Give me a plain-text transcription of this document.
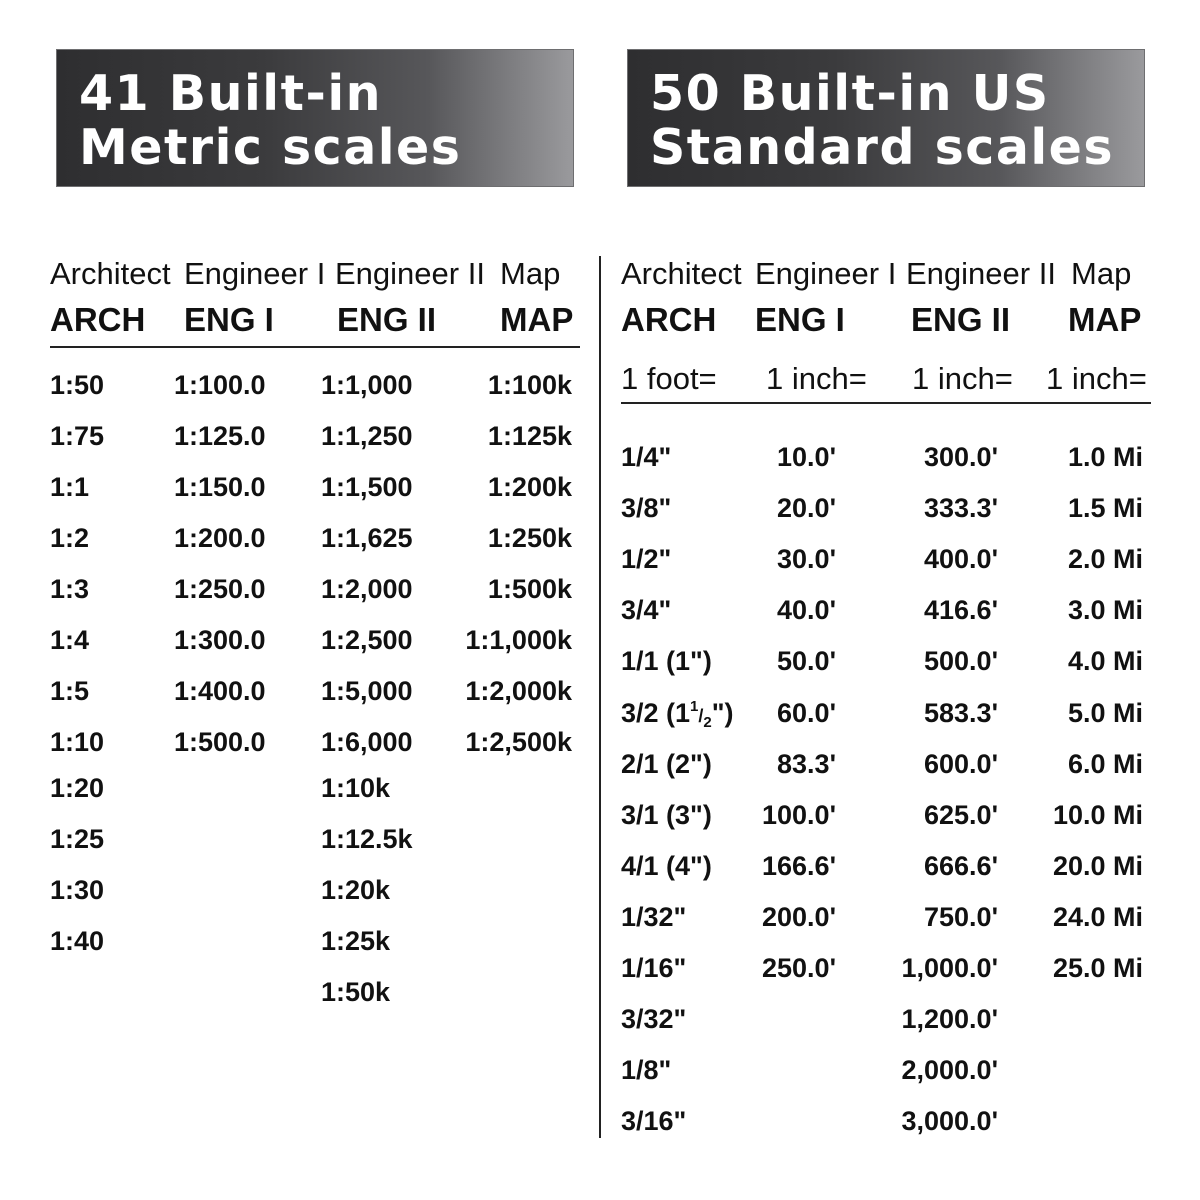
41 Built-in
Metric scales
50 Built-in US
Standard scales
Architect Engineer I Engineer II Map
ARCH ENG I ENG II MAP
Architect Engineer I Engineer II Map
ARCH ENG I ENG II MAP
1 foot= 1 inch= 1 inch= 1 inch=
1:50
1:75
1:1
1:2
1:3
1:4
1:5
1:10
1:20
1:25
1:30
1:40
1:100.0
1:125.0
1:150.0
1:200.0
1:250.0
1:300.0
1:400.0
1:500.0
1:1,000
1:1,250
1:1,500
1:1,625
1:2,000
1:2,500
1:5,000
1:6,000
1:10k
1:12.5k
1:20k
1:25k
1:50k
1:100k
1:125k
1:200k
1:250k
1:500k
1:1,000k
1:2,000k
1:2,500k
1/4"
3/8"
1/2"
3/4"
1/1 (1")
3/2 $(1^1/_2")$
2/1 (2")
3/1 (3")
4/1 (4")
1/32"
1/16"
3/32"
1/8"
3/16"
10.0'
20.0'
30.0'
40.0'
50.0'
60.0'
83.3'
100.0'
166.6'
200.0'
250.0'
300.0'
333.3'
400.0'
416.6'
500.0'
583.3'
600.0'
625.0'
666.6'
750.0'
1,000.0'
1,200.0'
2,000.0'
3,000.0'
1.0 Mi
1.5 Mi
2.0 Mi
3.0 Mi
4.0 Mi
5.0 Mi
6.0 Mi
10.0 Mi
20.0 Mi
24.0 Mi
25.0 Mi
